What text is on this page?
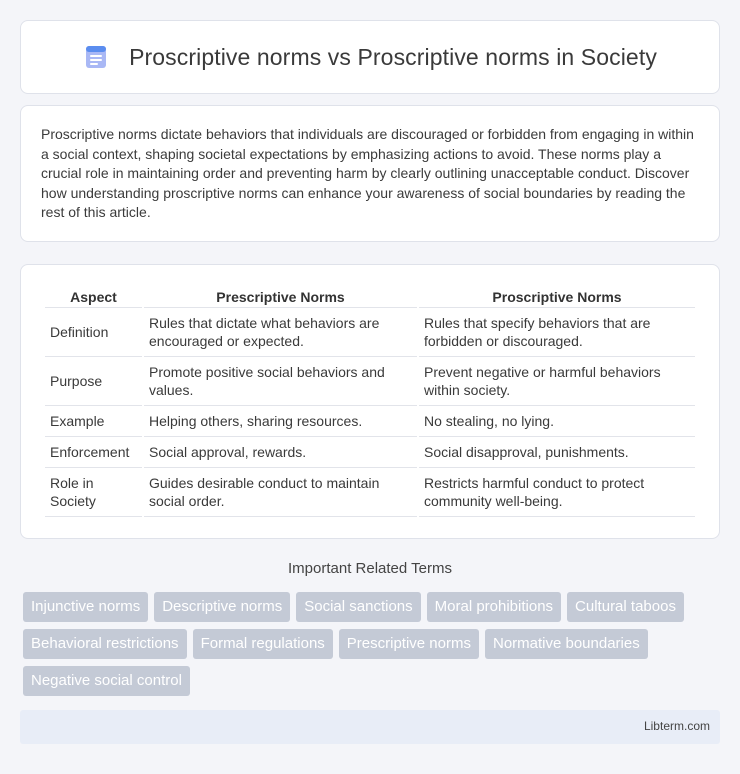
Proscriptive norms vs Proscriptive norms in Society

Proscriptive norms dictate behaviors that individuals are discouraged or forbidden from engaging in within a social context, shaping societal expectations by emphasizing actions to avoid. These norms play a crucial role in maintaining order and preventing harm by clearly outlining unacceptable conduct. Discover how understanding proscriptive norms can enhance your awareness of social boundaries by reading the rest of this article.

Aspect	Prescriptive Norms	Proscriptive Norms
Definition	Rules that dictate what behaviors are encouraged or expected.	Rules that specify behaviors that are forbidden or discouraged.
Purpose	Promote positive social behaviors and values.	Prevent negative or harmful behaviors within society.
Example	Helping others, sharing resources.	No stealing, no lying.
Enforcement	Social approval, rewards.	Social disapproval, punishments.
Role in Society	Guides desirable conduct to maintain social order.	Restricts harmful conduct to protect community well-being.
Important Related Terms
Injunctive norms	Descriptive norms	Social sanctions	Moral prohibitions	Cultural taboos
Behavioral restrictions	Formal regulations	Prescriptive norms	Normative boundaries
Negative social control
Libterm.com
